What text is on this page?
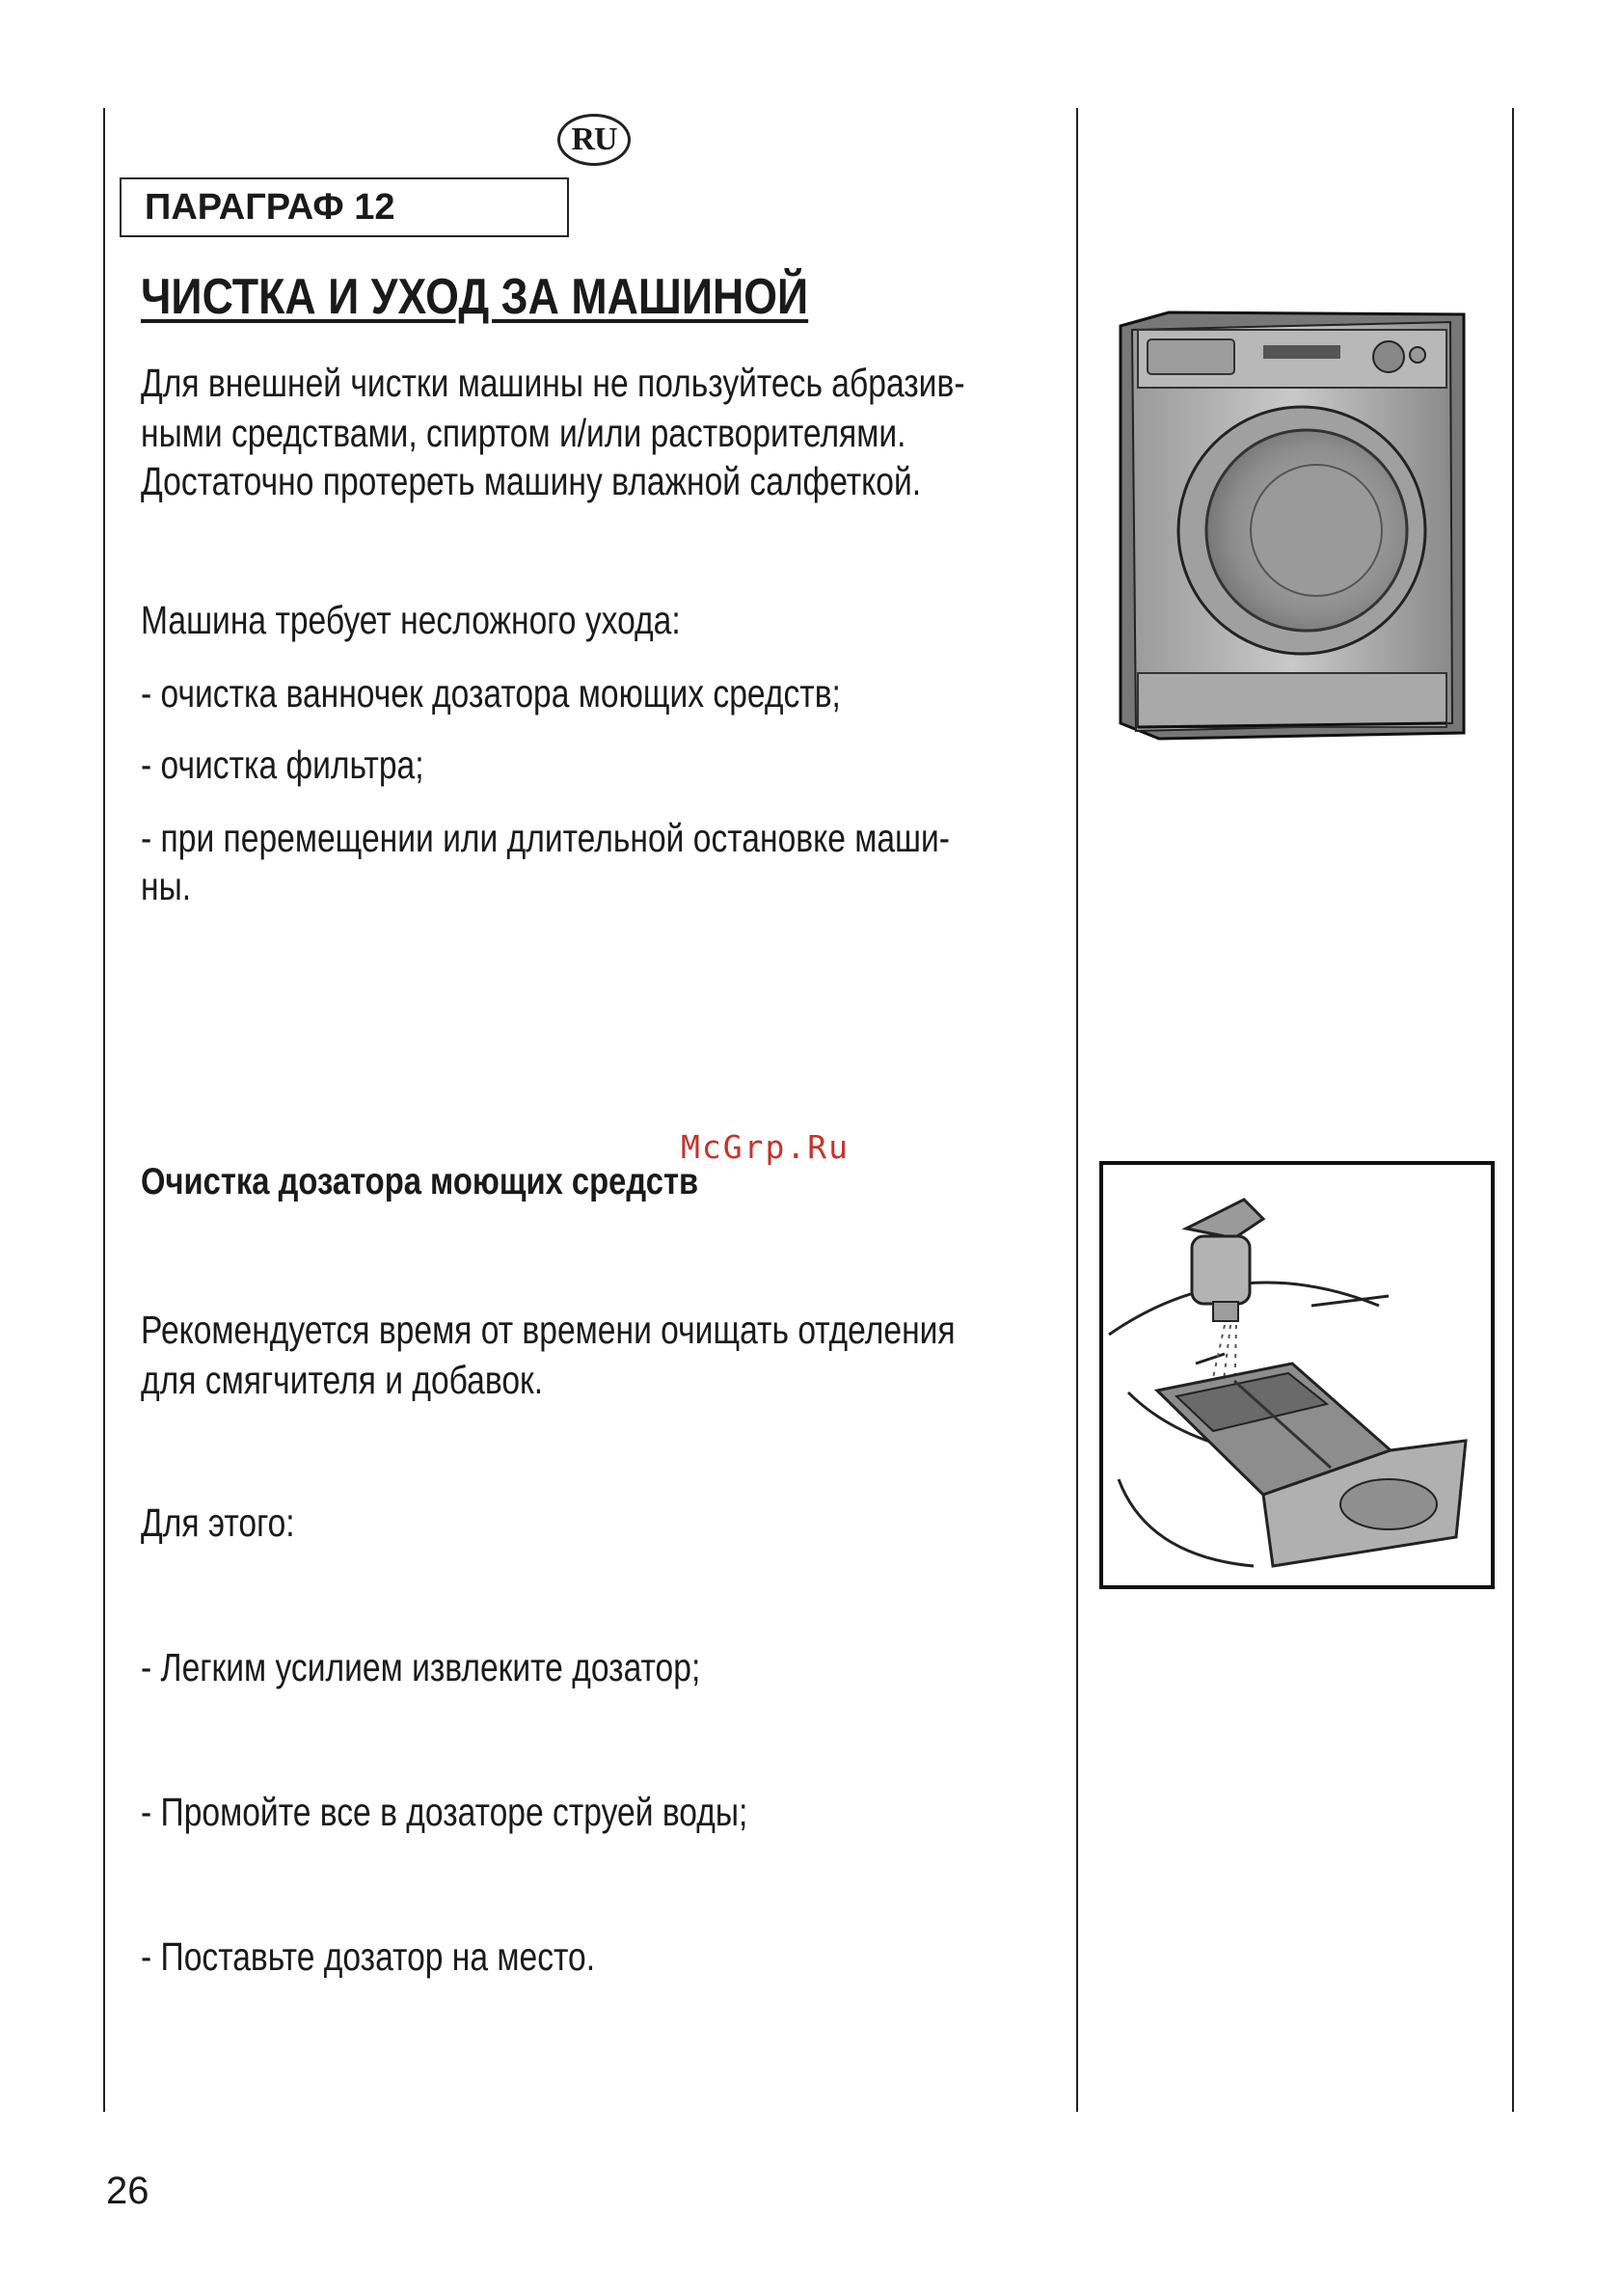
RU
ПАРАГРАФ 12
ЧИСТКА И УХОД ЗА МАШИНОЙ
Для внешней чистки машины не пользуйтесь абразив-
ными средствами, спиртом и/или растворителями.
Достаточно протереть машину влажной салфеткой.
Машина требует несложного ухода:
- очистка ванночек дозатора моющих средств;
- очистка фильтра;
- при перемещении или длительной остановке маши-
ны.
McGrp.Ru
Очистка дозатора моющих средств
Рекомендуется время от времени очищать отделения
для смягчителя и добавок.
Для этого:
- Легким усилием извлеките дозатор;
- Промойте все в дозаторе струей воды;
- Поставьте дозатор на место.
26
